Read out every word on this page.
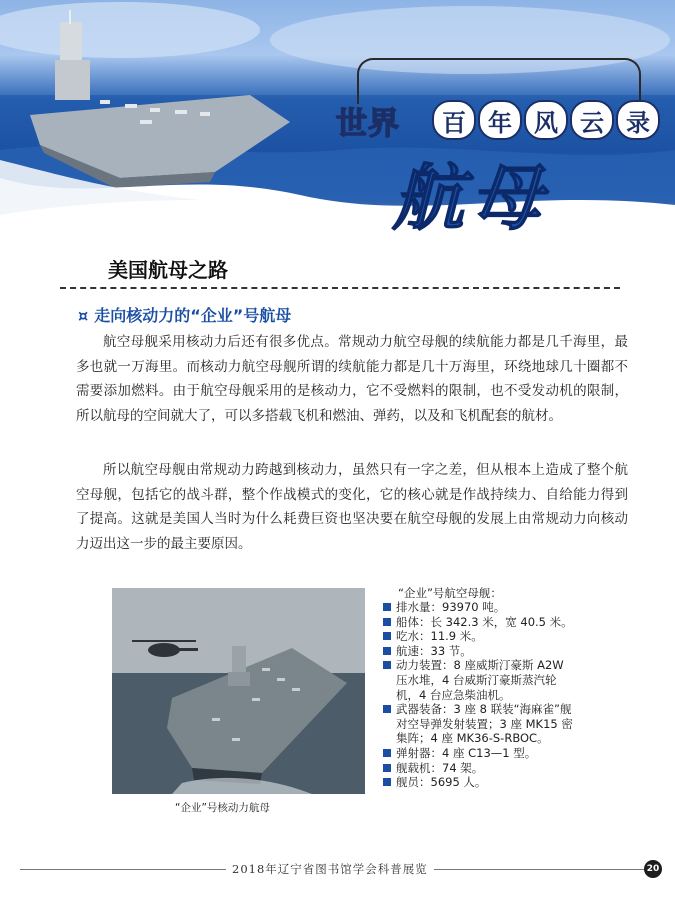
世界	百 年 风 云 录
航母
美国航母之路
¤ 走向核动力的“企业”号航母

航空母舰采用核动力后还有很多优点。常规动力航空母舰的续航能力都是几千海里，最多也就一万海里。而核动力航空母舰所谓的续航能力都是几十万海里，环绕地球几十圈都不需要添加燃料。由于航空母舰采用的是核动力，它不受燃料的限制，也不受发动机的限制，所以航母的空间就大了，可以多搭载飞机和燃油、弹药，以及和飞机配套的航材。

所以航空母舰由常规动力跨越到核动力，虽然只有一字之差，但从根本上造成了整个航空母舰，包括它的战斗群，整个作战模式的变化，它的核心就是作战持续力、自给能力得到了提高。这就是美国人当时为什么耗费巨资也坚决要在航空母舰的发展上由常规动力向核动力迈出这一步的最主要原因。

“企业”号核动力航母
“企业”号航空母舰：
排水量：93970 吨。
船体：长 342.3 米，宽 40.5 米。
吃水：11.9 米。
航速：33 节。
动力装置：8 座威斯汀豪斯 A2W 压水堆，4 台威斯汀豪斯蒸汽轮机，4 台应急柴油机。
武器装备：3 座 8 联装“海麻雀”舰对空导弹发射装置；3 座 MK15 密集阵；4 座 MK36-S-RBOC。
弹射器：4 座 C13—1 型。
舰载机：74 架。
舰员：5695 人。
2018年辽宁省图书馆学会科普展览	20
